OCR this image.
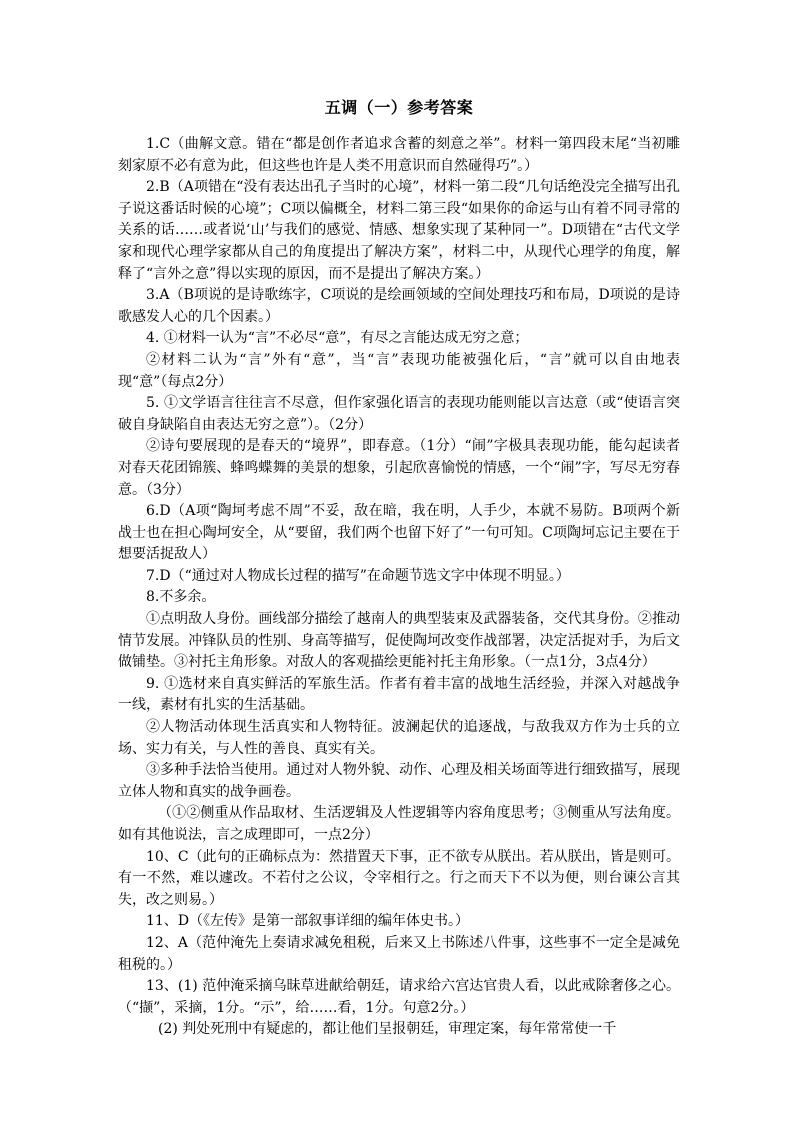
五调（一）参考答案

1.C（曲解文意。错在“都是创作者追求含蓄的刻意之举”。材料一第四段末尾“当初雕刻家原不必有意为此，但这些也许是人类不用意识而自然碰得巧”。）

2.B（A项错在“没有表达出孔子当时的心境”，材料一第二段“几句话绝没完全描写出孔子说这番话时候的心境”；C项以偏概全，材料二第三段“如果你的命运与山有着不同寻常的关系的话……或者说‘山’与我们的感觉、情感、想象实现了某种同一”。D项错在“古代文学家和现代心理学家都从自己的角度提出了解决方案”，材料二中，从现代心理学的角度，解释了“言外之意”得以实现的原因，而不是提出了解决方案。）

3.A（B项说的是诗歌练字，C项说的是绘画领域的空间处理技巧和布局，D项说的是诗歌感发人心的几个因素。）

4. ①材料一认为“言”不必尽“意”，有尽之言能达成无穷之意；

②材料二认为“言”外有“意”，当“言”表现功能被强化后，“言”就可以自由地表现“意”（每点2分）

5. ①文学语言往往言不尽意，但作家强化语言的表现功能则能以言达意（或“使语言突破自身缺陷自由表达无穷之意”）。（2分）

②诗句要展现的是春天的“境界”，即春意。（1分）“闹”字极具表现功能，能勾起读者对春天花团锦簇、蜂鸣蝶舞的美景的想象，引起欣喜愉悦的情感，一个“闹”字，写尽无穷春意。（3分）

6.D（A项“陶坷考虑不周”不妥，敌在暗，我在明，人手少，本就不易防。B项两个新战士也在担心陶坷安全，从“要留，我们两个也留下好了”一句可知。C项陶坷忘记主要在于想要活捉敌人）

7.D（“通过对人物成长过程的描写”在命题节选文字中体现不明显。）

8.不多余。

①点明敌人身份。画线部分描绘了越南人的典型装束及武器装备，交代其身份。②推动情节发展。冲锋队员的性别、身高等描写，促使陶坷改变作战部署，决定活捉对手，为后文做铺垫。③衬托主角形象。对敌人的客观描绘更能衬托主角形象。（一点1分，3点4分）

9. ①选材来自真实鲜活的军旅生活。作者有着丰富的战地生活经验，并深入对越战争一线，素材有扎实的生活基础。

②人物活动体现生活真实和人物特征。波澜起伏的追逐战，与敌我双方作为士兵的立场、实力有关，与人性的善良、真实有关。

③多种手法恰当使用。通过对人物外貌、动作、心理及相关场面等进行细致描写，展现立体人物和真实的战争画卷。

（①②侧重从作品取材、生活逻辑及人性逻辑等内容角度思考；③侧重从写法角度。如有其他说法，言之成理即可，一点2分）

10、C（此句的正确标点为：然措置天下事，正不欲专从朕出。若从朕出，皆是则可。有一不然，难以遽改。不若付之公议，令宰相行之。行之而天下不以为便，则台谏公言其失，改之则易。）

11、D（《左传》是第一部叙事详细的编年体史书。）

12、A（范仲淹先上奏请求减免租税，后来又上书陈述八件事，这些事不一定全是减免租税的。）

13、(1) 范仲淹采摘乌昧草进献给朝廷，请求给六宫达官贵人看，以此戒除奢侈之心。（“撷”，采摘，1分。“示”，给……看，1分。句意2分。）

(2) 判处死刑中有疑虑的，都让他们呈报朝廷，审理定案，每年常常使一千
